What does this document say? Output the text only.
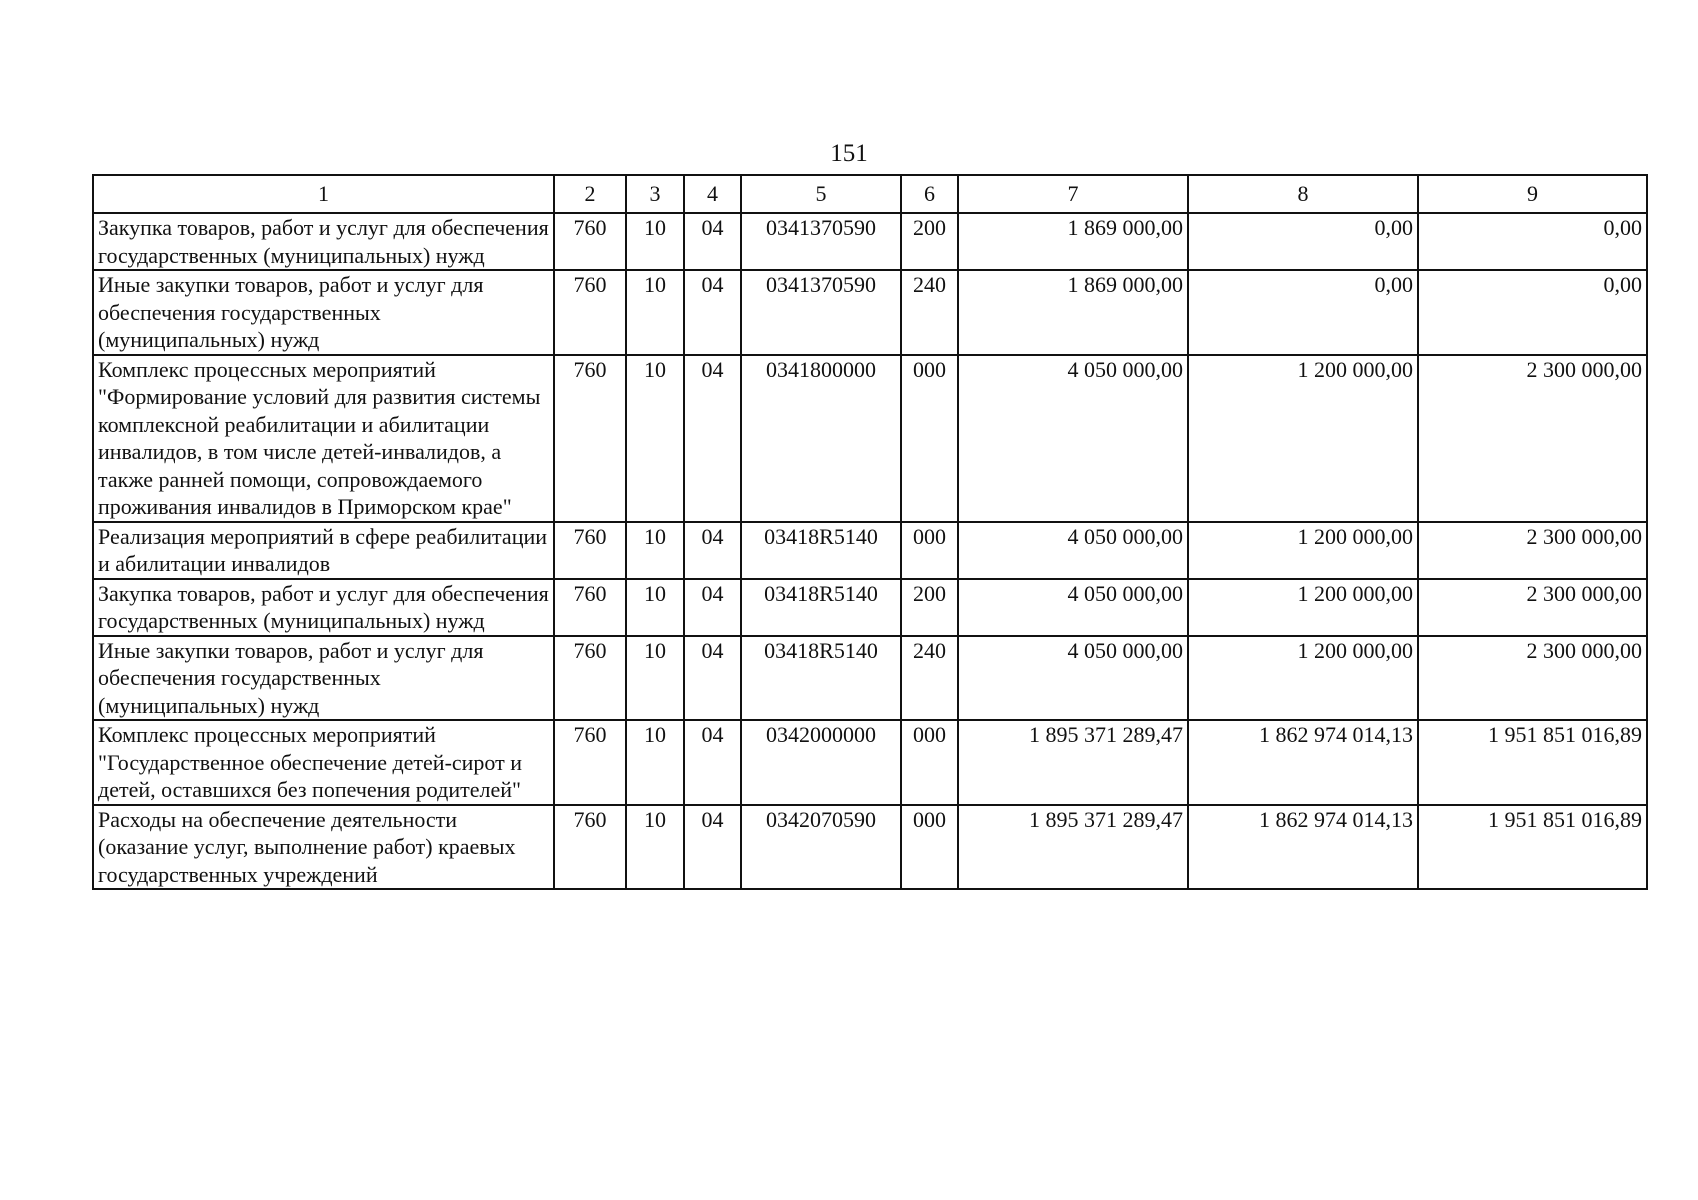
151
1	2	3	4	5	6	7	8	9
Закупка товаров, работ и услуг для обеспечения государственных (муниципальных) нужд	760	10	04	0341370590	200	1 869 000,00	0,00	0,00
Иные закупки товаров, работ и услуг для обеспечения государственных (муниципальных) нужд	760	10	04	0341370590	240	1 869 000,00	0,00	0,00
Комплекс процессных мероприятий "Формирование условий для развития системы комплексной реабилитации и абилитации инвалидов, в том числе детей-инвалидов, а также ранней помощи, сопровождаемого проживания инвалидов в Приморском крае"	760	10	04	0341800000	000	4 050 000,00	1 200 000,00	2 300 000,00
Реализация мероприятий в сфере реабилитации и абилитации инвалидов	760	10	04	03418R5140	000	4 050 000,00	1 200 000,00	2 300 000,00
Закупка товаров, работ и услуг для обеспечения государственных (муниципальных) нужд	760	10	04	03418R5140	200	4 050 000,00	1 200 000,00	2 300 000,00
Иные закупки товаров, работ и услуг для обеспечения государственных (муниципальных) нужд	760	10	04	03418R5140	240	4 050 000,00	1 200 000,00	2 300 000,00
Комплекс процессных мероприятий "Государственное обеспечение детей-сирот и детей, оставшихся без попечения родителей"	760	10	04	0342000000	000	1 895 371 289,47	1 862 974 014,13	1 951 851 016,89
Расходы на обеспечение деятельности (оказание услуг, выполнение работ) краевых государственных учреждений	760	10	04	0342070590	000	1 895 371 289,47	1 862 974 014,13	1 951 851 016,89
